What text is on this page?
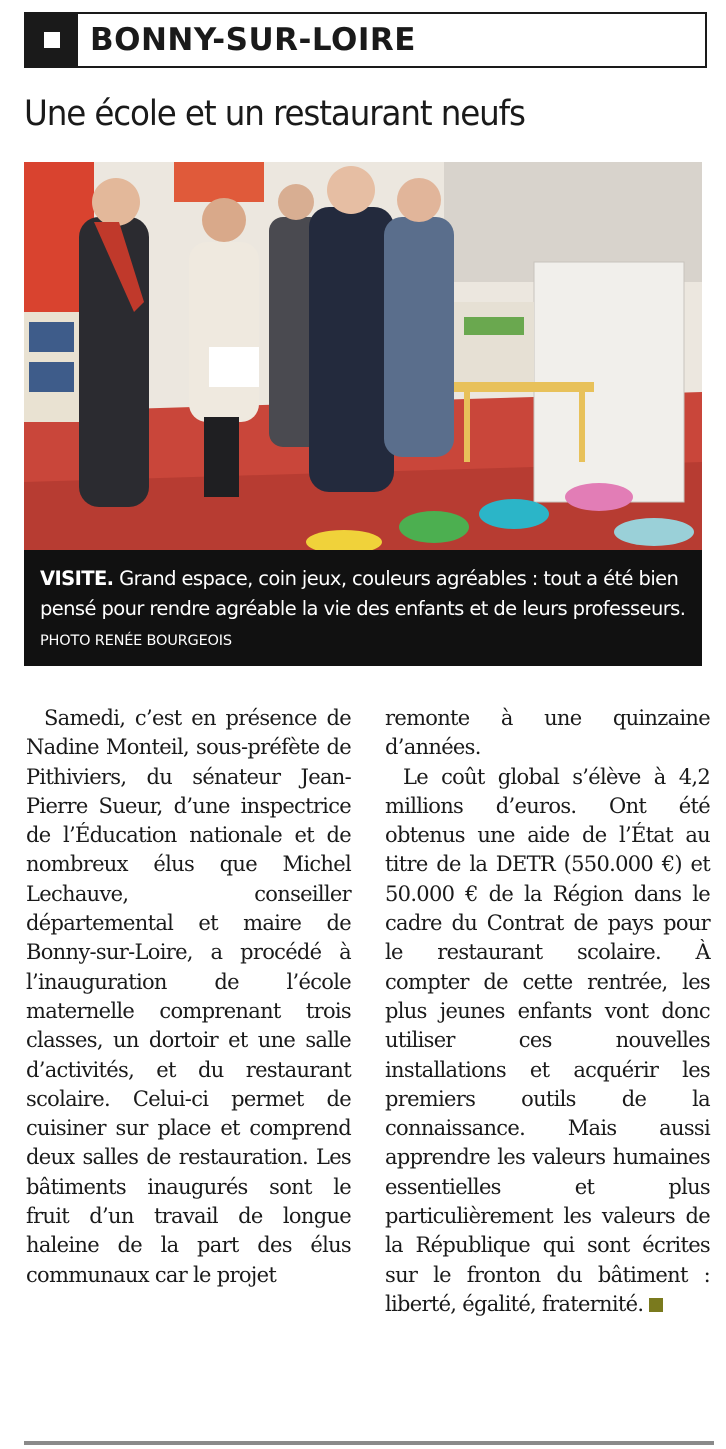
BONNY-SUR-LOIRE
Une école et un restaurant neufs
VISITE. Grand espace, coin jeux, couleurs agréables : tout a été bien pensé pour rendre agréable la vie des enfants et de leurs professeurs. PHOTO RENÉE BOURGEOIS

Samedi, c’est en présence de Nadine Monteil, sous-préfète de Pithiviers, du sénateur Jean-Pierre Sueur, d’une inspectrice de l’Éducation nationale et de nombreux élus que Michel Lechauve, conseiller départemental et maire de Bonny-sur-Loire, a procédé à l’inauguration de l’école maternelle comprenant trois classes, un dortoir et une salle d’activités, et du restaurant scolaire. Celui-ci permet de cuisiner sur place et comprend deux salles de restauration. Les bâtiments inaugurés sont le fruit d’un travail de longue haleine de la part des élus communaux car le projet

remonte à une quinzaine d’années.

Le coût global s’élève à 4,2 millions d’euros. Ont été obtenus une aide de l’État au titre de la DETR (550.000 €) et 50.000 € de la Région dans le cadre du Contrat de pays pour le restaurant scolaire. À compter de cette rentrée, les plus jeunes enfants vont donc utiliser ces nouvelles installations et acquérir les premiers outils de la connaissance. Mais aussi apprendre les valeurs humaines essentielles et plus particulièrement les valeurs de la République qui sont écrites sur le fronton du bâtiment : liberté, égalité, fraternité.
